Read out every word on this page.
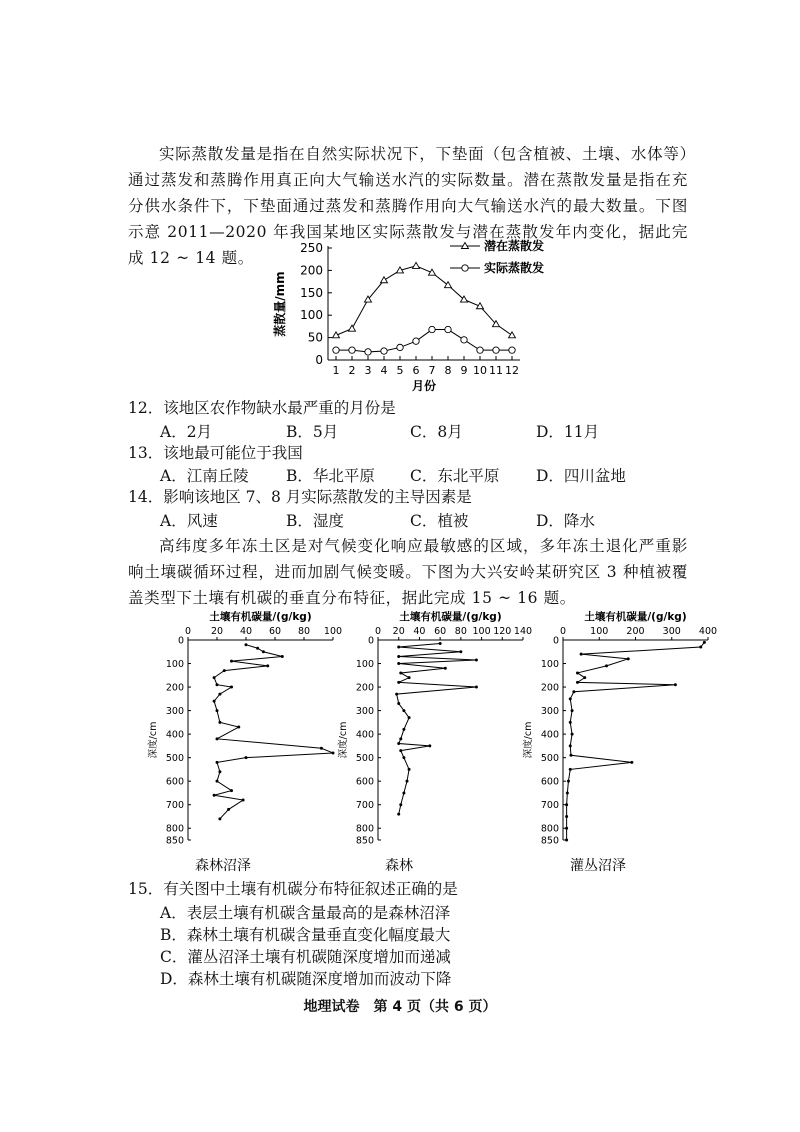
实际蒸散发量是指在自然实际状况下，下垫面（包含植被、土壤、水体等）通过蒸发和蒸腾作用真正向大气输送水汽的实际数量。潜在蒸散发量是指在充分供水条件下，下垫面通过蒸发和蒸腾作用向大气输送水汽的最大数量。下图示意 2011—2020 年我国某地区实际蒸散发与潜在蒸散发年内变化，据此完成 12 ~ 14 题。
0
50
100
150
200
250
1 2 3 4 5 6 7 8 9 10 11 12
月份
蒸散量/mm
潜在蒸散发
实际蒸散发
12．该地区农作物缺水最严重的月份是
A．2月	B．5月	C．8月	D．11月
13．该地最可能位于我国
A．江南丘陵 B．华北平原 C．东北平原 D．四川盆地
14．影响该地区 7、8 月实际蒸散发的主导因素是
A．风速	B．湿度	C．植被	D．降水
高纬度多年冻土区是对气候变化响应最敏感的区域，多年冻土退化严重影响土壤碳循环过程，进而加剧气候变暖。下图为大兴安岭某研究区 3 种植被覆盖类型下土壤有机碳的垂直分布特征，据此完成 15 ~ 16 题。
土壤有机碳量/(g/kg)
0 20 40 60 80 100
0
100
200
300
400
500
600
700
800
850
深度/cm
森林沼泽
土壤有机碳量/(g/kg)
0 20 40 60 80 100 120 140
0
100
200
300
400
500
600
700
800
850
深度/cm
森林
土壤有机碳量/(g/kg)
0	100 200 300 400
0
100
200
300
400
500
600
700
800
850
深度/cm
灌丛沼泽
15．有关图中土壤有机碳分布特征叙述正确的是
A．表层土壤有机碳含量最高的是森林沼泽
B．森林土壤有机碳含量垂直变化幅度最大
C．灌丛沼泽土壤有机碳随深度增加而递减
D．森林土壤有机碳随深度增加而波动下降
地理试卷　第 4 页（共 6 页）
